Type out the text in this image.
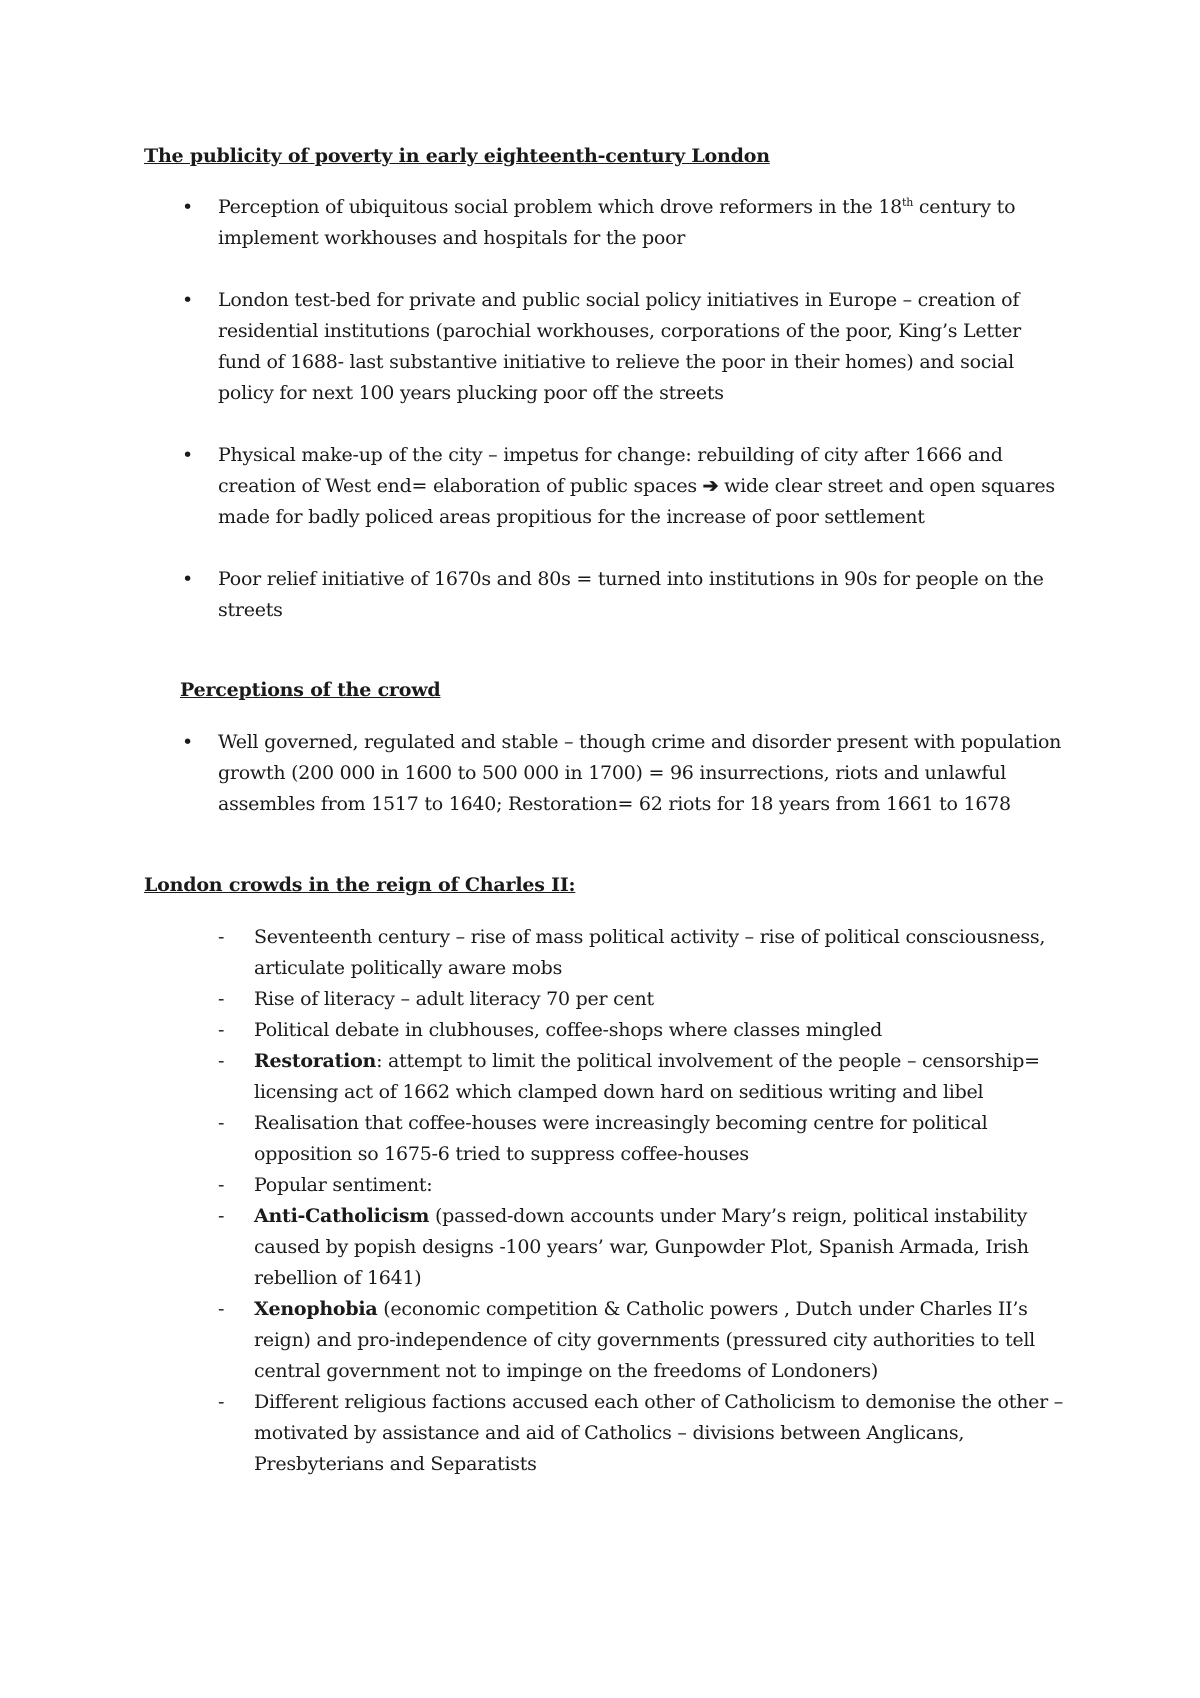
The publicity of poverty in early eighteenth-century London
• Perception of ubiquitous social problem which drove reformers in the 18th century to implement workhouses and hospitals for the poor
• London test-bed for private and public social policy initiatives in Europe – creation of residential institutions (parochial workhouses, corporations of the poor, King’s Letter fund of 1688- last substantive initiative to relieve the poor in their homes) and social policy for next 100 years plucking poor off the streets
• Physical make-up of the city – impetus for change: rebuilding of city after 1666 and creation of West end= elaboration of public spaces ➔ wide clear street and open squares made for badly policed areas propitious for the increase of poor settlement
• Poor relief initiative of 1670s and 80s = turned into institutions in 90s for people on the streets
Perceptions of the crowd
• Well governed, regulated and stable – though crime and disorder present with population growth (200 000 in 1600 to 500 000 in 1700) = 96 insurrections, riots and unlawful assembles from 1517 to 1640; Restoration= 62 riots for 18 years from 1661 to 1678
London crowds in the reign of Charles II:
- Seventeenth century – rise of mass political activity – rise of political consciousness, articulate politically aware mobs
- Rise of literacy – adult literacy 70 per cent
- Political debate in clubhouses, coffee-shops where classes mingled
- Restoration: attempt to limit the political involvement of the people – censorship= licensing act of 1662 which clamped down hard on seditious writing and libel
- Realisation that coffee-houses were increasingly becoming centre for political opposition so 1675-6 tried to suppress coffee-houses
- Popular sentiment:
- Anti-Catholicism (passed-down accounts under Mary’s reign, political instability caused by popish designs -100 years’ war, Gunpowder Plot, Spanish Armada, Irish rebellion of 1641)
- Xenophobia (economic competition & Catholic powers , Dutch under Charles II’s reign) and pro-independence of city governments (pressured city authorities to tell central government not to impinge on the freedoms of Londoners)
- Different religious factions accused each other of Catholicism to demonise the other – motivated by assistance and aid of Catholics – divisions between Anglicans, Presbyterians and Separatists
